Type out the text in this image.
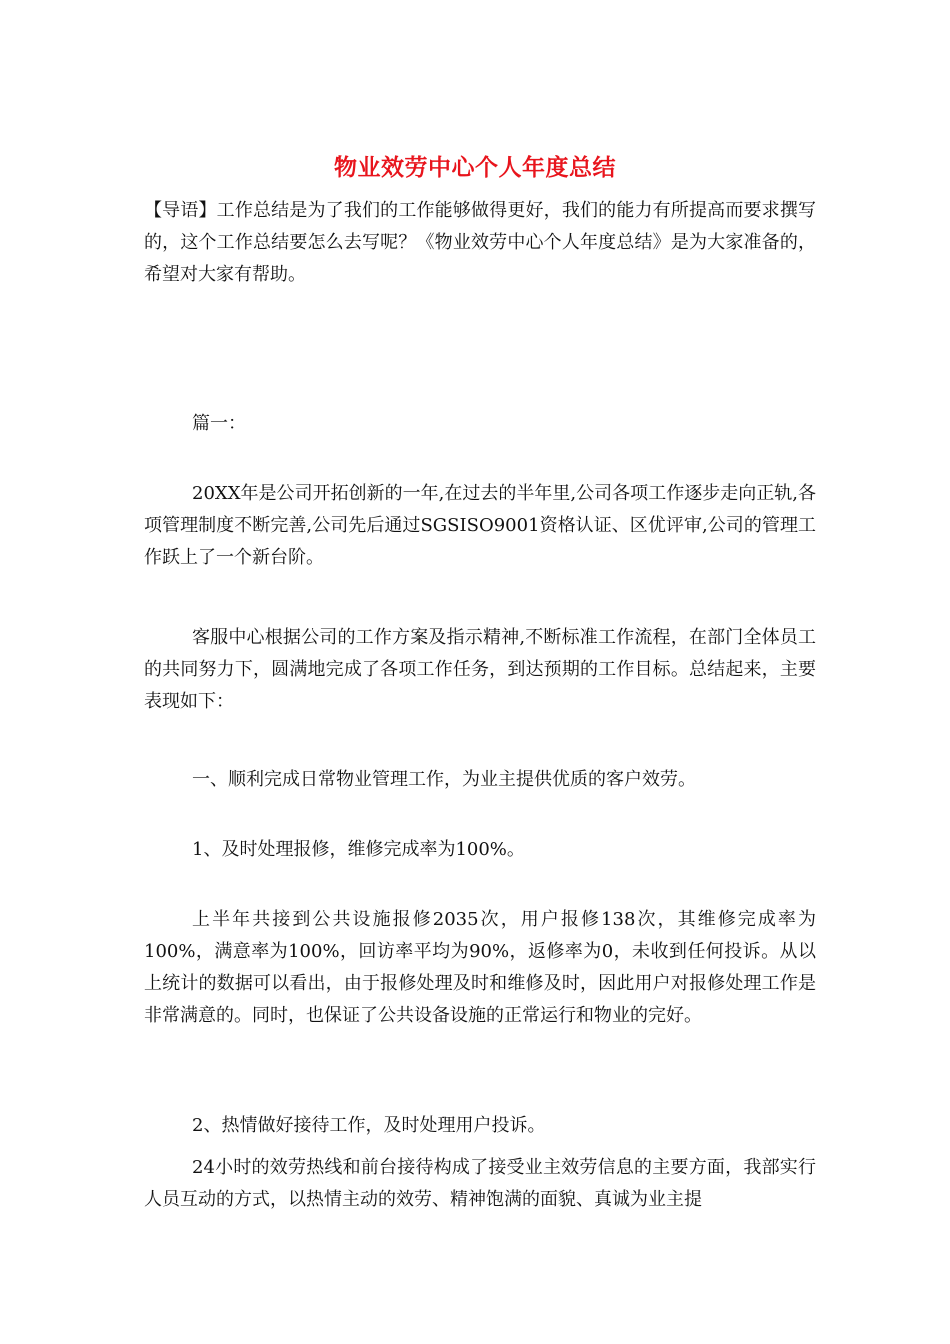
物业效劳中心个人年度总结

【导语】工作总结是为了我们的工作能够做得更好，我们的能力有所提高而要求撰写的，这个工作总结要怎么去写呢？《物业效劳中心个人年度总结》是为大家准备的，希望对大家有帮助。

篇一：

20XX年是公司开拓创新的一年,在过去的半年里,公司各项工作逐步走向正轨,各项管理制度不断完善,公司先后通过SGSISO9001资格认证、区优评审,公司的管理工作跃上了一个新台阶。

客服中心根据公司的工作方案及指示精神,不断标准工作流程，在部门全体员工的共同努力下，圆满地完成了各项工作任务，到达预期的工作目标。总结起来，主要表现如下：

一、顺利完成日常物业管理工作，为业主提供优质的客户效劳。

1、及时处理报修，维修完成率为100%。

上半年共接到公共设施报修2035次，用户报修138次，其维修完成率为100%，满意率为100%，回访率平均为90%，返修率为0，未收到任何投诉。从以上统计的数据可以看出，由于报修处理及时和维修及时，因此用户对报修处理工作是非常满意的。同时，也保证了公共设备设施的正常运行和物业的完好。

2、热情做好接待工作，及时处理用户投诉。

24小时的效劳热线和前台接待构成了接受业主效劳信息的主要方面，我部实行人员互动的方式，以热情主动的效劳、精神饱满的面貌、真诚为业主提
